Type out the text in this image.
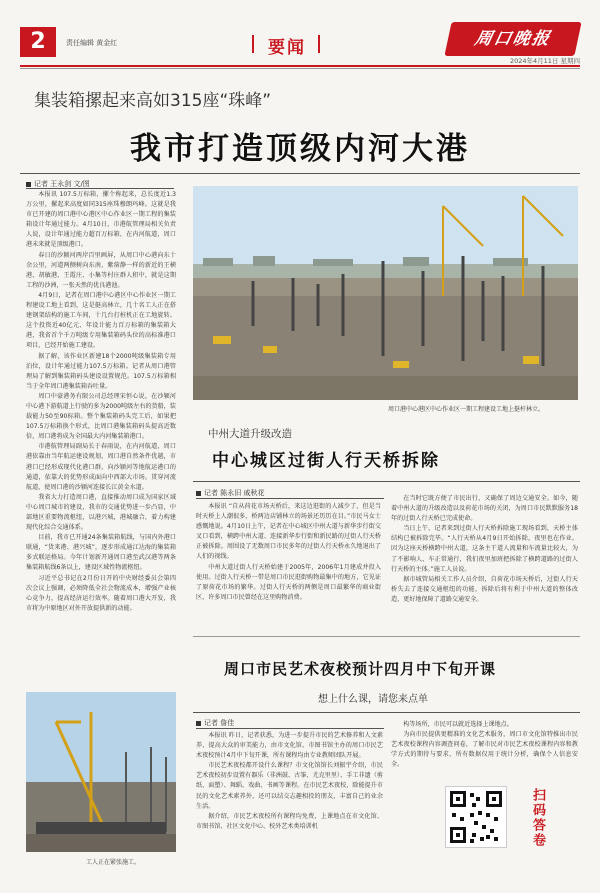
2	责任编辑 黄金红	要闻	周口晚报
2024年4月11日 星期四
集装箱摞起来高如315座“珠峰”
我市打造顶级内河大港
记者 王永剑 文/图

本报讯 107.5万标箱，摞个称起来，总长度近1.3万公里，摞起来高度如同315座珠穆朗玛峰。这就是我市已开建的周口港中心港区中心作业区一期工程的集装箱设计年通过能力。4月10日，市港航管理局相关负责人说，设计年通过能力超百万标箱，在内河航道，周口港未来就是顶级港口。

春日的沙颍河两岸百里画屏，从周口中心港向东十余公里，河道两侧树向东南，紫蓿静一样的新近的王横港、胡敏港、王霞庄、小集等村庄群人积中，就是这期工程的沙洲，一张天然的优良港池。

4月9日，记者在周口港中心港区中心作业区一期工程建设工地上看到，这是挺高林立，几十名工人正在搭建钢架结构的施工车间，十几台打桩机正在工地旋转。这个投资近40亿元、年设计能力百万标箱的集装箱大港，我省首个千万吨级专用集装箱码头位的高标准港口项目，已经开始施工建设。

据了解，该作业区新建18个2000吨级集装箱专用泊位，设计年通过能力107.5万标箱。记者从周口港管理局了解到集装箱码头建设设置规范。107.5万标箱相当于全年周口港集装箱吞吐量。

周口中豪港务有限公司总经理宋恒心说，在沙颍河中心港下游航道上行驶的多为2000吨级左右的货船，装载能力50至90标箱。整个集装箱码头完工后，如果把107.5万标箱换个形式，比周口港集装箱码头提高近数倍，周口港将成为全国最大内河集装箱港口。

市港航管理局副局长于春雨说，在内河航道，周口港依靠由当年航运建设规划，周口港自然条件优越，市港口已经形成现代化港口群，向沙颍河等地航运港口的通道，依靠大的优势形成面向中西部大市场。贯穿河流航道，使周口港的沙颍河连接长江黄金水道。

我省大力打造周口港，直接推动周口成为国家区域中心周口城市的建设，我市的交通优势进一步凸显，中部地区重要物流枢纽，以港兴城，港城融合，着力构建现代化综合交通体系。

目前，我市已开通24条集装箱航线，与国内外港口联通，“货来港、港兴城”，逐步形成通江达海的集装箱多式联运格局。今年计划新开通周口港至武汉港等两条集装箱航线6条以上，建设区域性物流枢纽。

习近平总书记在2月份日开的中央财经委员会第四次会议上强调，必须降低全社会物流成本，增强产业核心竞争力，提高经济运行效率。随着周口港大开发，我市将为中原地区对外开放提供新的动能。

周口港中心港区中心作业区一期工程建设工地上挺杆林立。
中州大道升级改造
中心城区过街人行天桥拆除
记者 陈永旧 戚秋花

本报讯 “自从荷花市场天桥后，来这边逛街的人减少了，但是当时天桥上人潮很多，桥两边店铺林立的场景还历历在目。”市民马女士感慨地说。4月10日上午，记者在中心城区中州大道与新华步行街交叉口看到，横跨中州大道、连接新华步行街和新民路的过街人行天桥正被拆除。周围设了无数周口市民多年的过街人行天桥永久地退出了人们的视线。

中州大道过街人行天桥始建于2005年，2006年1月建成并投入使用。过街人行天桥一带是周口市民逛街购物最集中的地方，它见证了原荷花市场的繁华。过街人行天桥的两侧是周口最繁华的商业街区，许多周口市民曾经在这里购物消费。

在当时它既方便了市民出行，又确保了周边交通安全。如今，随着中州大道的升级改造以及荷花市场的关闭，为周口市民默默服务18年的过街人行天桥已完成使命。

当日上午，记者来到过街人行天桥拆除施工现场看到，天桥主体结构已被拆除完毕。“人行天桥从4月9日开始拆除，夜里也在作业。因为这座天桥横跨中州大道，这条主干道人流量和车流量比较大，为了不影响人、车正常通行，我们夜里加班把拆除了横跨道路的过街人行天桥的主体。”施工人员说。

据市城管局相关工作人员介绍，自荷花市场天桥后，过街人行天桥失去了连接交通枢纽的功能，拆除后将有利于中州大道的整体改造，更好地保障了道路交通安全。

周口市民艺术夜校预计四月中下旬开课
想上什么课，请您来点单
记者 詹佳

本报讯 昨日，记者获悉，为进一步提升市民的艺术修养和人文素养，提高大众的审美能力，由市文化馆、市图书馆主办的周口市民艺术夜校预计4月中下旬开课，所有课程均由专业教师团队开展。

市民艺术夜校都开设什么课程？市文化馆馆长刘振宇介绍，市民艺术夜校初步设置有器乐（非洲鼓、古筝、尤克里里）、手工非遗（剪纸、面塑）、舞蹈、戏曲、书画等课程。在市民艺术夜校，除能提升市民的文化艺术素养外，还可以结交志趣相投的朋友，丰富自己的业余生活。

据介绍，市民艺术夜校所有课程均免费，上课地点在市文化馆、市图书馆、社区文化中心、校外艺术类培训机

构等场所，市民可以就近选择上课地点。

为向市民提供更精准的文化艺术服务，周口市文化馆特推出市民艺术夜校课程内容调查问卷，了解市民对市民艺术夜校课程内容和教学方式的期待与要求，所有数据仅用于统计分析，确保个人信息安全。

扫码答卷
工人正在紧张施工。
